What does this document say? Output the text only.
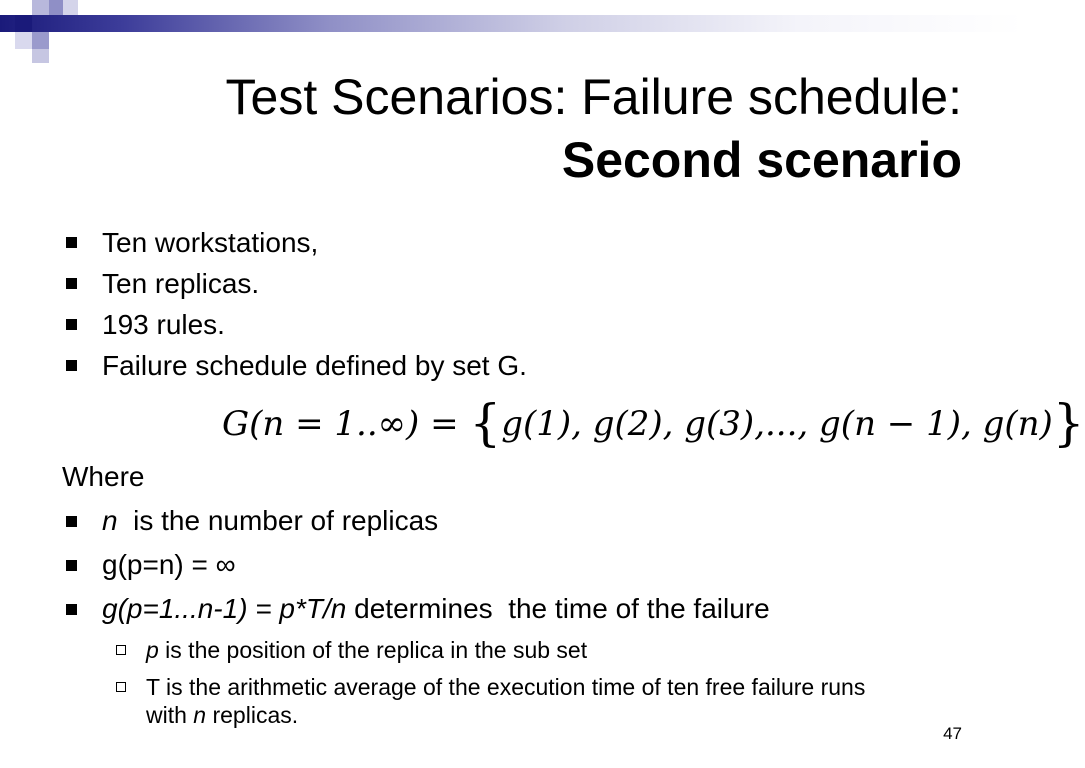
Test Scenarios: Failure schedule:
Second scenario
Ten workstations,
Ten replicas.
193 rules.
Failure schedule defined by set G.
G(n = 1..∞) = {g(1), g(2), g(3),..., g(n − 1), g(n)}
Where
n  is the number of replicas
g(p=n) = ∞
g(p=1...n-1) = p*T/n determines  the time of the failure
p is the position of the replica in the sub set
T is the arithmetic average of the execution time of ten free failure runs with n replicas.
47
